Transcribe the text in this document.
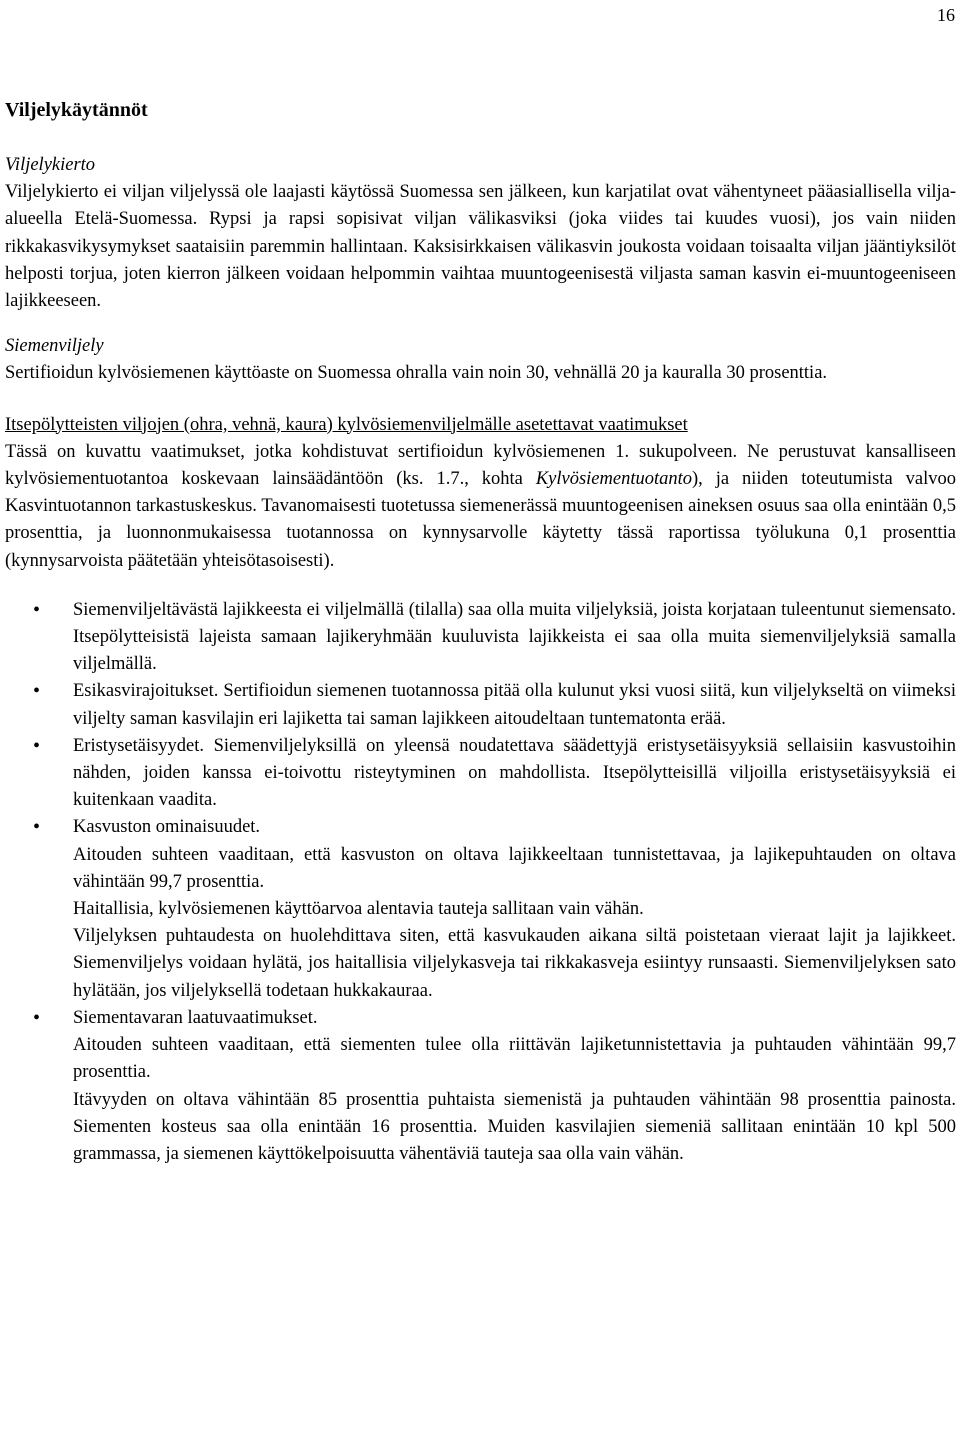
16
Viljelykäytännöt

Viljelykierto

Viljelykierto ei viljan viljelyssä ole laajasti käytössä Suomessa sen jälkeen, kun karjatilat ovat vähentyneet pääasiallisella vilja-alueella Etelä-Suomessa. Rypsi ja rapsi sopisivat viljan välikasviksi (joka viides tai kuudes vuosi), jos vain niiden rikkakasvikysymykset saataisiin paremmin hallintaan. Kaksisirkkaisen välikasvin joukosta voidaan toisaalta viljan jääntiyksilöt helposti torjua, joten kierron jälkeen voidaan helpommin vaihtaa muuntogeenisestä viljasta saman kasvin ei-muuntogeeniseen lajikkeeseen.

Siemenviljely

Sertifioidun kylvösiemenen käyttöaste on Suomessa ohralla vain noin 30, vehnällä 20 ja kauralla 30 prosenttia.

Itsepölytteisten viljojen (ohra, vehnä, kaura) kylvösiemenviljelmälle asetettavat vaatimukset

Tässä on kuvattu vaatimukset, jotka kohdistuvat sertifioidun kylvösiemenen 1. sukupolveen. Ne perustuvat kansalliseen kylvösiementuotantoa koskevaan lainsäädäntöön (ks. 1.7., kohta Kylvösiementuotanto), ja niiden toteutumista valvoo Kasvintuotannon tarkastuskeskus. Tavanomaisesti tuotetussa siemenerässä muuntogeenisen aineksen osuus saa olla enintään 0,5 prosenttia, ja luonnonmukaisessa tuotannossa on kynnysarvolle käytetty tässä raportissa työlukuna 0,1 prosenttia (kynnysarvoista päätetään yhteisötasoisesti).

• Siemenviljeltävästä lajikkeesta ei viljelmällä (tilalla) saa olla muita viljelyksiä, joista korjataan tuleentunut siemensato. Itsepölytteisistä lajeista samaan lajikeryhmään kuuluvista lajikkeista ei saa olla muita siemenviljelyksiä samalla viljelmällä.
• Esikasvirajoitukset. Sertifioidun siemenen tuotannossa pitää olla kulunut yksi vuosi siitä, kun viljelykseltä on viimeksi viljelty saman kasvilajin eri lajiketta tai saman lajikkeen aitoudeltaan tuntematonta erää.
• Eristysetäisyydet. Siemenviljelyksillä on yleensä noudatettava säädettyjä eristysetäisyyksiä sellaisiin kasvustoihin nähden, joiden kanssa ei-toivottu risteytyminen on mahdollista. Itsepölytteisillä viljoilla eristysetäisyyksiä ei kuitenkaan vaadita.
• Kasvuston ominaisuudet.
Aitouden suhteen vaaditaan, että kasvuston on oltava lajikkeeltaan tunnistettavaa, ja lajikepuhtauden on oltava vähintään 99,7 prosenttia.
Haitallisia, kylvösiemenen käyttöarvoa alentavia tauteja sallitaan vain vähän.
Viljelyksen puhtaudesta on huolehdittava siten, että kasvukauden aikana siltä poistetaan vieraat lajit ja lajikkeet. Siemenviljelys voidaan hylätä, jos haitallisia viljelykasveja tai rikkakasveja esiintyy runsaasti. Siemenviljelyksen sato hylätään, jos viljelyksellä todetaan hukkakauraa.
• Siementavaran laatuvaatimukset.
Aitouden suhteen vaaditaan, että siementen tulee olla riittävän lajiketunnistettavia ja puhtauden vähintään 99,7 prosenttia.
Itävyyden on oltava vähintään 85 prosenttia puhtaista siemenistä ja puhtauden vähintään 98 prosenttia painosta. Siementen kosteus saa olla enintään 16 prosenttia. Muiden kasvilajien siemeniä sallitaan enintään 10 kpl 500 grammassa, ja siemenen käyttökelpoisuutta vähentäviä tauteja saa olla vain vähän.
